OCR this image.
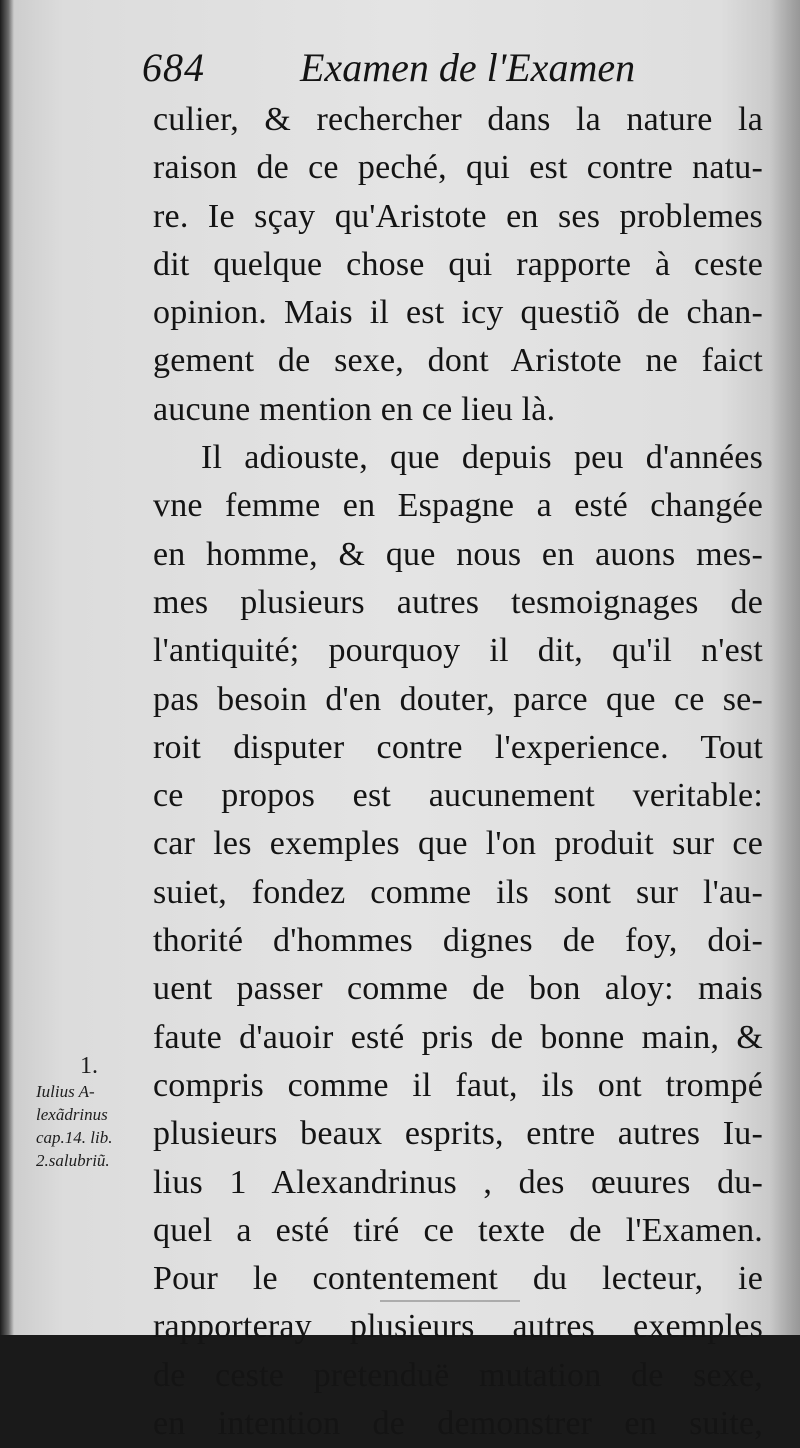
684 Examen de l'Examen
culier, & rechercher dans la nature la
raison de ce peché, qui est contre natu-
re. Ie sçay qu'Aristote en ses problemes
dit quelque chose qui rapporte à ceste
opinion. Mais il est icy questiõ de chan-
gement de sexe, dont Aristote ne faict
aucune mention en ce lieu là.
Il adiouste, que depuis peu d'années
vne femme en Espagne a esté changée
en homme, & que nous en auons mes-
mes plusieurs autres tesmoignages de
l'antiquité; pourquoy il dit, qu'il n'est
pas besoin d'en douter, parce que ce se-
roit disputer contre l'experience. Tout
ce propos est aucunement veritable:
car les exemples que l'on produit sur ce
suiet, fondez comme ils sont sur l'au-
thorité d'hommes dignes de foy, doi-
uent passer comme de bon aloy: mais
faute d'auoir esté pris de bonne main, &
compris comme il faut, ils ont trompé
plusieurs beaux esprits, entre autres Iu-
lius 1 Alexandrinus , des œuures du-
quel a esté tiré ce texte de l'Examen.
Pour le contentement du lecteur, ie
rapporteray plusieurs autres exemples
de ceste pretenduë mutation de sexe,
en intention de demonstrer en suite,
1.
Iulius A-
lexãdrinus
cap.14. lib.
2.salubriũ.
